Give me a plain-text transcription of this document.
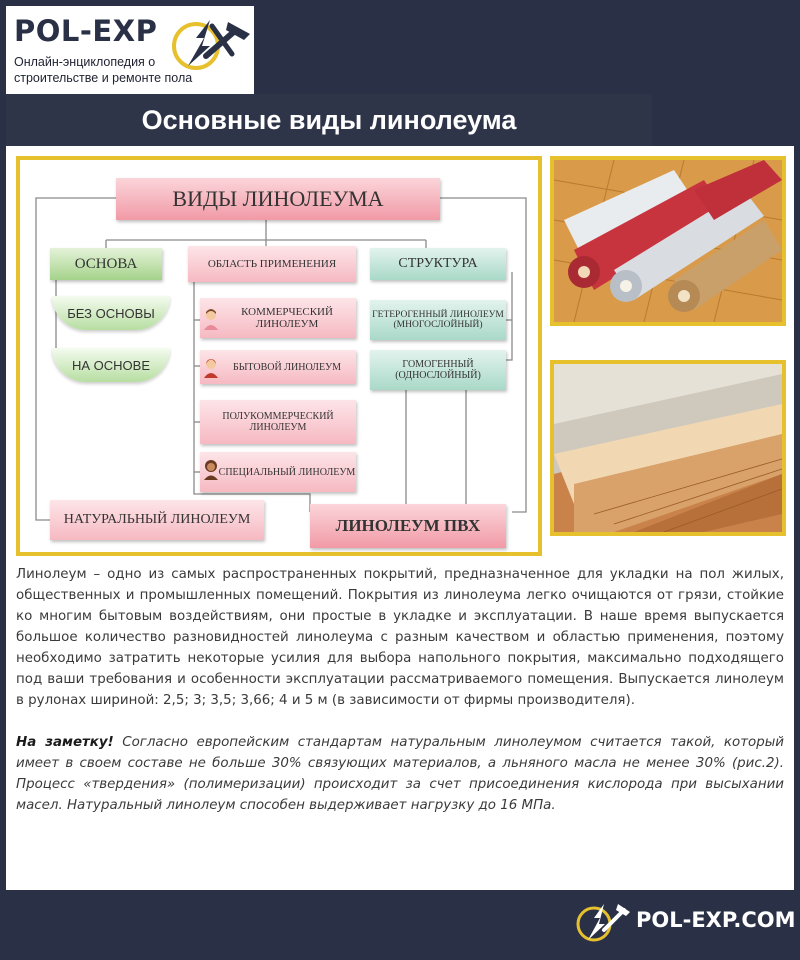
POL-EXP
Онлайн-энциклопедия о строительстве и ремонте пола
Основные виды линолеума
ВИДЫ ЛИНОЛЕУМА
ОСНОВА	ОБЛАСТЬ ПРИМЕНЕНИЯ	СТРУКТУРА
БЕЗ ОСНОВЫ
НА ОСНОВЕ
КОММЕРЧЕСКИЙ ЛИНОЛЕУМ
БЫТОВОЙ ЛИНОЛЕУМ
ПОЛУКОММЕРЧЕСКИЙ ЛИНОЛЕУМ
СПЕЦИАЛЬНЫЙ ЛИНОЛЕУМ
ГЕТЕРОГЕННЫЙ ЛИНОЛЕУМ (МНОГОСЛОЙНЫЙ)
ГОМОГЕННЫЙ (ОДНОСЛОЙНЫЙ)
НАТУРАЛЬНЫЙ ЛИНОЛЕУМ	ЛИНОЛЕУМ ПВХ

Линолеум – одно из самых распространенных покрытий, предназначенное для укладки на пол жилых, общественных и промышленных помещений. Покрытия из линолеума легко очищаются от грязи, стойкие ко многим бытовым воздействиям, они простые в укладке и эксплуатации. В наше время выпускается большое количество разновидностей линолеума с разным качеством и областью применения, поэтому необходимо затратить некоторые усилия для выбора напольного покрытия, максимально подходящего под ваши требования и особенности эксплуатации рассматриваемого помещения. Выпускается линолеум в рулонах шириной: 2,5; 3; 3,5; 3,66; 4 и 5 м (в зависимости от фирмы производителя).

На заметку! Согласно европейским стандартам натуральным линолеумом считается такой, который имеет в своем составе не больше 30% связующих материалов, а льняного масла не менее 30% (рис.2). Процесс «твердения» (полимеризации) происходит за счет присоединения кислорода при высыхании масел. Натуральный линолеум способен выдерживает нагрузку до 16 МПа.

POL-EXP.COM
